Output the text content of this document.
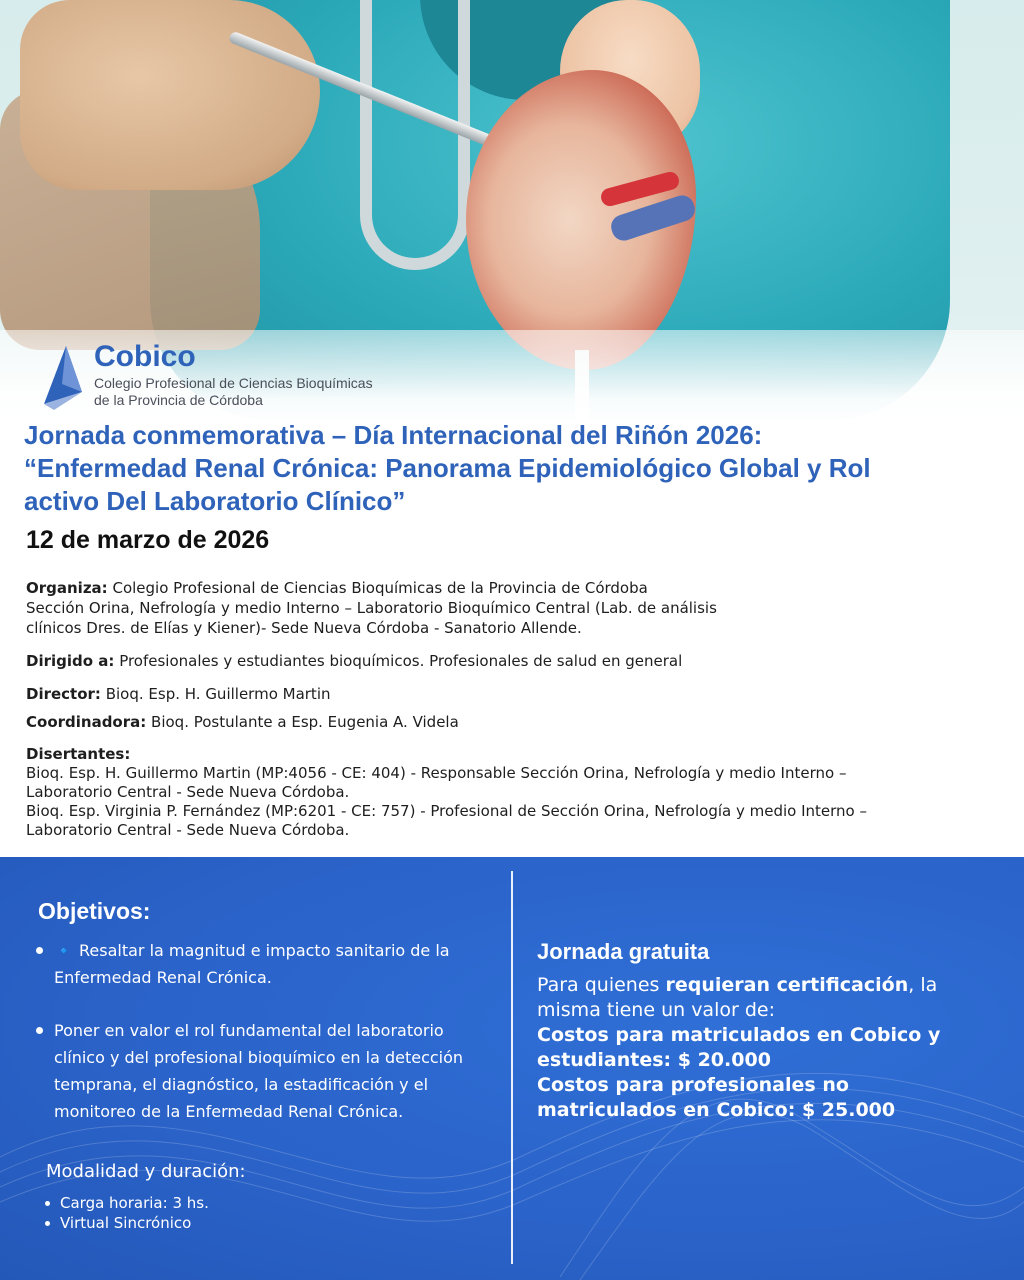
Cobico
Colegio Profesional de Ciencias Bioquímicas
de la Provincia de Córdoba
Jornada conmemorativa – Día Internacional del Riñón 2026:
“Enfermedad Renal Crónica: Panorama Epidemiológico Global y Rol
activo Del Laboratorio Clínico”
12 de marzo de 2026
Organiza: Colegio Profesional de Ciencias Bioquímicas de la Provincia de Córdoba
Sección Orina, Nefrología y medio Interno – Laboratorio Bioquímico Central (Lab. de análisis
clínicos Dres. de Elías y Kiener)- Sede Nueva Córdoba - Sanatorio Allende.
Dirigido a: Profesionales y estudiantes bioquímicos. Profesionales de salud en general
Director: Bioq. Esp. H. Guillermo Martin
Coordinadora: Bioq. Postulante a Esp. Eugenia A. Videla
Disertantes:
Bioq. Esp. H. Guillermo Martin (MP:4056 - CE: 404) - Responsable Sección Orina, Nefrología y medio Interno –
Laboratorio Central - Sede Nueva Córdoba.
Bioq. Esp. Virginia P. Fernández (MP:6201 - CE: 757) - Profesional de Sección Orina, Nefrología y medio Interno –
Laboratorio Central - Sede Nueva Córdoba.
Objetivos:
🔹 Resaltar la magnitud e impacto sanitario de la Enfermedad Renal Crónica.
Poner en valor el rol fundamental del laboratorio clínico y del profesional bioquímico en la detección temprana, el diagnóstico, la estadificación y el monitoreo de la Enfermedad Renal Crónica.
Modalidad y duración:
Carga horaria: 3 hs.
Virtual Sincrónico
Jornada gratuita
Para quienes requieran certificación, la misma tiene un valor de:
Costos para matriculados en Cobico y estudiantes: $ 20.000
Costos para profesionales no matriculados en Cobico: $ 25.000
